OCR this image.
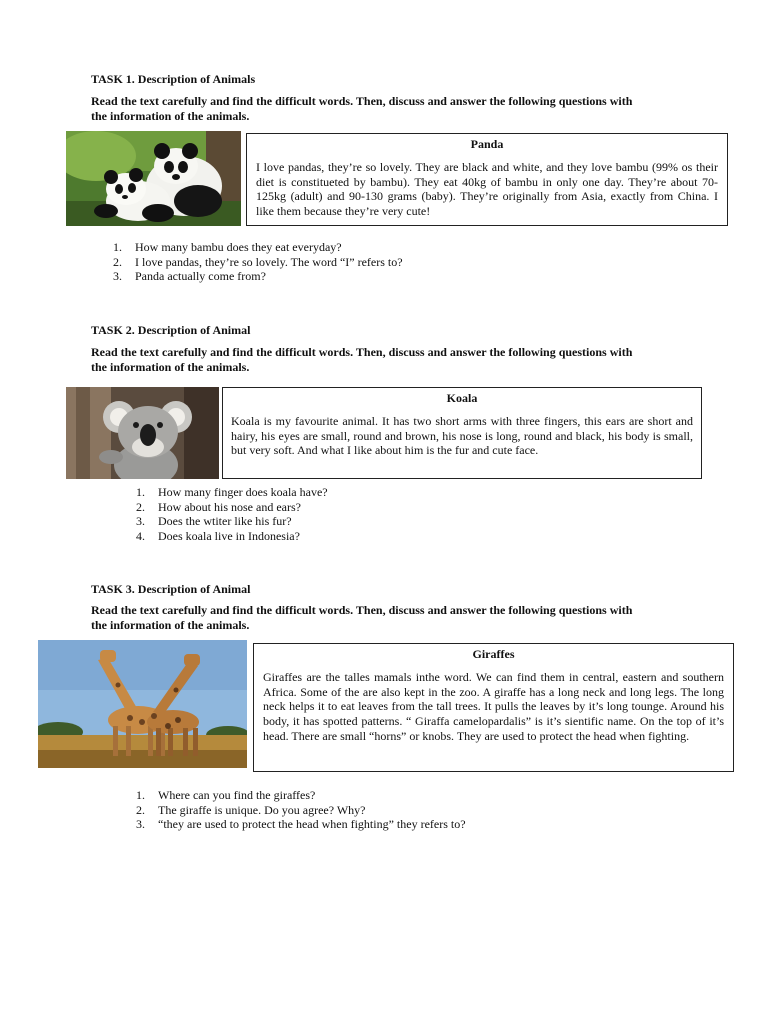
TASK 1. Description of Animals
Read the text carefully and find the difficult words. Then, discuss and answer the following questions with the information of the animals.

Panda

I love pandas, they’re so lovely. They are black and white, and they love bambu (99% os their diet is constitueted by bambu). They eat 40kg of bambu in only one day. They’re about 70-125kg (adult) and 90-130 grams (baby). They’re originally from Asia, exactly from China. I like them because they’re very cute!

1. How many bambu does they eat everyday?
2. I love pandas, they’re so lovely. The word “I” refers to?
3. Panda actually come from?
TASK 2. Description of Animal
Read the text carefully and find the difficult words. Then, discuss and answer the following questions with the information of the animals.

Koala

Koala is my favourite animal. It has two short arms with three fingers, this ears are short and hairy, his eyes are small, round and brown, his nose is long, round and black, his body is small, but very soft. And what I like about him is the fur and cute face.

1. How many finger does koala have?
2. How about his nose and ears?
3. Does the wtiter like his fur?
4. Does koala live in Indonesia?
TASK 3. Description of Animal
Read the text carefully and find the difficult words. Then, discuss and answer the following questions with the information of the animals.

Giraffes

Giraffes are the talles mamals inthe word. We can find them in central, eastern and southern Africa. Some of the are also kept in the zoo. A giraffe has a long neck and long legs. The long neck helps it to eat leaves from the tall trees. It pulls the leaves by it’s long tounge. Around his body, it has spotted patterns. “ Giraffa camelopardalis” is it’s sientific name. On the top of it’s head. There are small “horns” or knobs. They are used to protect the head when fighting.

1. Where can you find the giraffes?
2. The giraffe is unique. Do you agree? Why?
3. “they are used to protect the head when fighting” they refers to?
